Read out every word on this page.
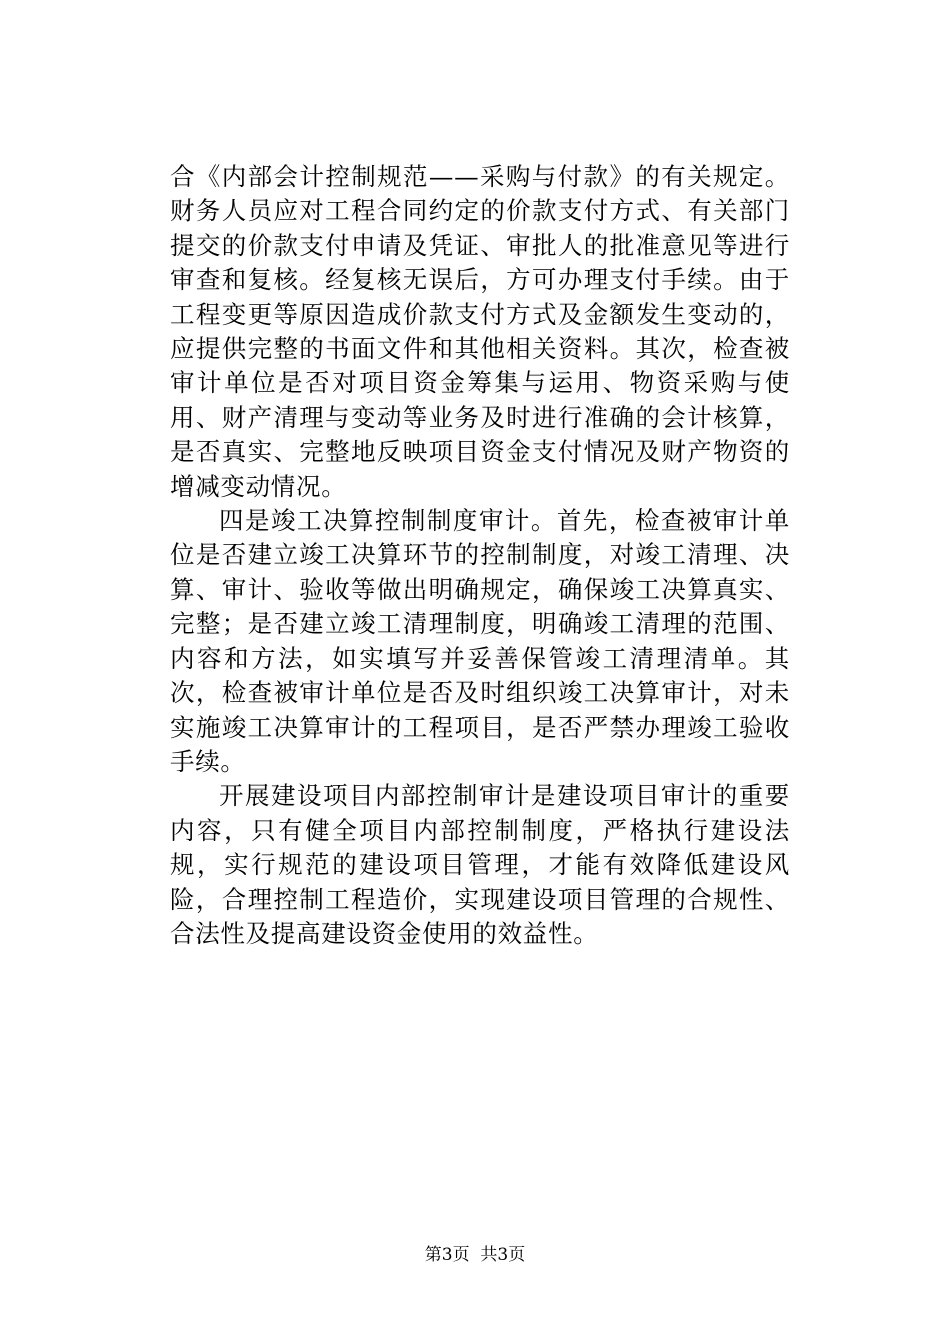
合《内部会计控制规范——采购与付款》的有关规定。财务人员应对工程合同约定的价款支付方式、有关部门提交的价款支付申请及凭证、审批人的批准意见等进行审查和复核。经复核无误后，方可办理支付手续。由于工程变更等原因造成价款支付方式及金额发生变动的，应提供完整的书面文件和其他相关资料。其次，检查被审计单位是否对项目资金筹集与运用、物资采购与使用、财产清理与变动等业务及时进行准确的会计核算，是否真实、完整地反映项目资金支付情况及财产物资的增减变动情况。

四是竣工决算控制制度审计。首先，检查被审计单位是否建立竣工决算环节的控制制度，对竣工清理、决算、审计、验收等做出明确规定，确保竣工决算真实、完整；是否建立竣工清理制度，明确竣工清理的范围、内容和方法，如实填写并妥善保管竣工清理清单。其次，检查被审计单位是否及时组织竣工决算审计，对未实施竣工决算审计的工程项目，是否严禁办理竣工验收手续。

开展建设项目内部控制审计是建设项目审计的重要内容，只有健全项目内部控制制度，严格执行建设法规，实行规范的建设项目管理，才能有效降低建设风险，合理控制工程造价，实现建设项目管理的合规性、合法性及提高建设资金使用的效益性。

第3页  共3页
